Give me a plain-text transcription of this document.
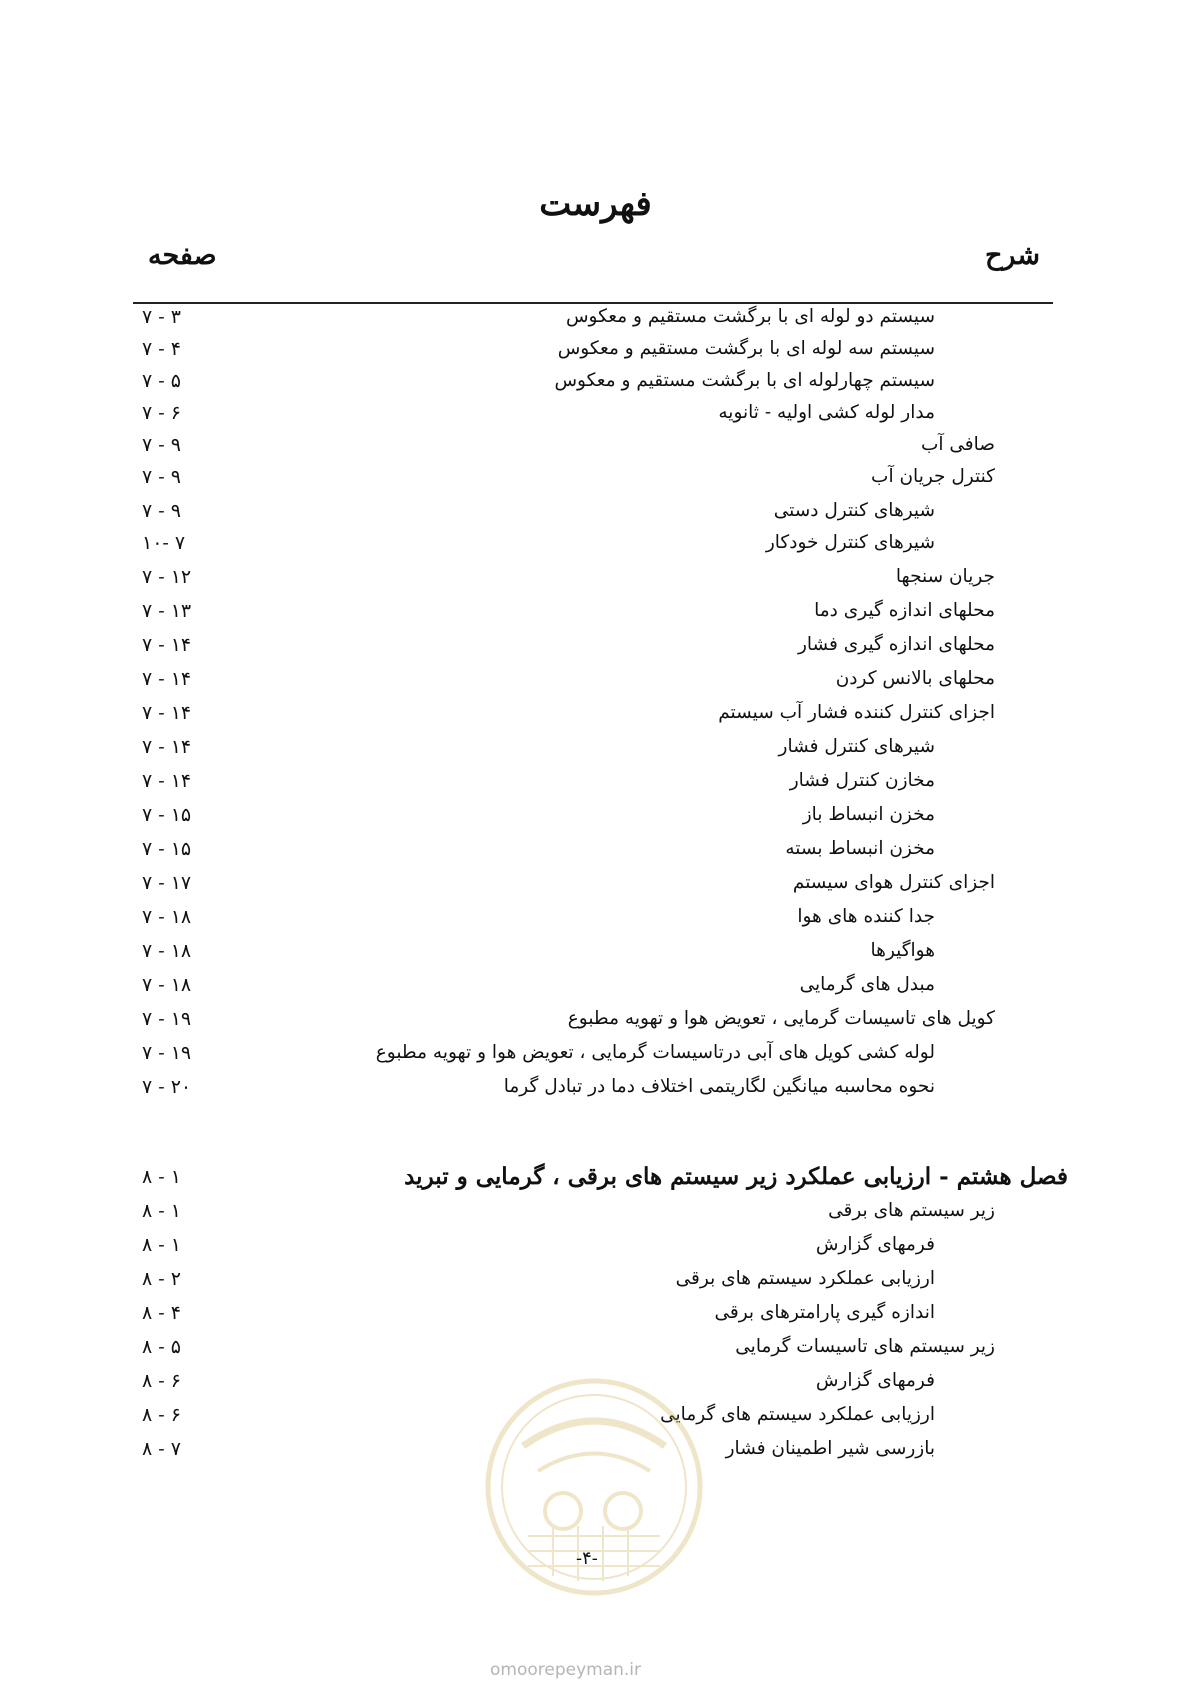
فهرست
شرح
صفحه
سیستم دو لوله ای با برگشت مستقیم و معکوس
۷ - ۳
سیستم سه لوله ای با برگشت مستقیم و معکوس
۷ - ۴
سیستم چهارلوله ای با برگشت مستقیم و معکوس
۷ - ۵
مدار لوله کشی اولیه - ثانویه
۷ - ۶
صافی آب
۷ - ۹
کنترل جریان آب
۷ - ۹
شیرهای کنترل دستی
۷ - ۹
شیرهای کنترل خودکار
۱۰- ۷
جریان سنجها
۷ - ۱۲
محلهای اندازه گیری دما
۷ - ۱۳
محلهای اندازه گیری فشار
۷ - ۱۴
محلهای بالانس کردن
۷ - ۱۴
اجزای کنترل کننده فشار آب سیستم
۷ - ۱۴
شیرهای کنترل فشار
۷ - ۱۴
مخازن کنترل فشار
۷ - ۱۴
مخزن انبساط باز
۷ - ۱۵
مخزن انبساط بسته
۷ - ۱۵
اجزای کنترل هوای سیستم
۷ - ۱۷
جدا کننده های هوا
۷ - ۱۸
هواگیرها
۷ - ۱۸
مبدل های گرمایی
۷ - ۱۸
کویل های تاسیسات گرمایی ، تعویض هوا و تهویه مطبوع
۷ - ۱۹
لوله کشی کویل های آبی درتاسیسات گرمایی ، تعویض هوا و تهویه مطبوع
۷ - ۱۹
نحوه محاسبه میانگین لگاریتمی اختلاف دما در تبادل گرما
۷ - ۲۰
فصل هشتم - ارزیابی عملکرد زیر سیستم های برقی ، گرمایی و تبرید
۸ - ۱
زیر سیستم های برقی
۸ - ۱
فرمهای گزارش
۸ - ۱
ارزیابی عملکرد سیستم های برقی
۸ - ۲
اندازه گیری پارامترهای برقی
۸ - ۴
زیر سیستم های تاسیسات گرمایی
۸ - ۵
فرمهای گزارش
۸ - ۶
ارزیابی عملکرد سیستم های گرمایی
۸ - ۶
بازرسی شیر اطمینان فشار
۸ - ۷
-۴-
omoorepeyman.ir
